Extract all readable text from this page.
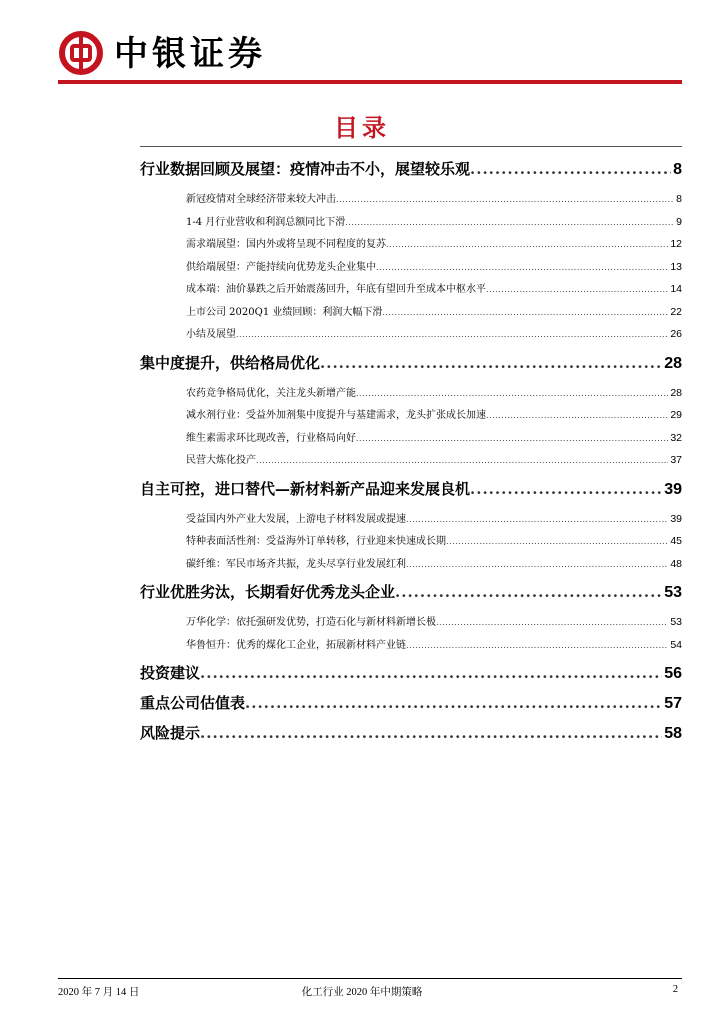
中银证券
目录
行业数据回顾及展望：疫情冲击不小，展望较乐观 .....	8
新冠疫情对全球经济带来较大冲击 .....	8
1-4 月行业营收和利润总额同比下滑 .....	9
需求端展望：国内外或将呈现不同程度的复苏 .....	12
供给端展望：产能持续向优势龙头企业集中 .....	13
成本端：油价暴跌之后开始震荡回升，年底有望回升至成本中枢水平 .....	14
上市公司 2020Q1 业绩回顾：利润大幅下滑 .....	22
小结及展望 .....	26
集中度提升，供给格局优化 .....	28
农药竞争格局优化，关注龙头新增产能 .....	28
减水剂行业：受益外加剂集中度提升与基建需求，龙头扩张成长加速 .....	29
维生素需求环比现改善，行业格局向好 .....	32
民营大炼化投产 .....	37
自主可控，进口替代—新材料新产品迎来发展良机 .....	39
受益国内外产业大发展，上游电子材料发展或提速 .....	39
特种表面活性剂：受益海外订单转移，行业迎来快速成长期 .....	45
碳纤维：军民市场齐共振，龙头尽享行业发展红利 .....	48
行业优胜劣汰，长期看好优秀龙头企业 .....	53
万华化学：依托强研发优势，打造石化与新材料新增长极 .....	53
华鲁恒升：优秀的煤化工企业，拓展新材料产业链 .....	54
投资建议 .....	56
重点公司估值表 .....	57
风险提示 .....	58
2020 年 7 月 14 日	化工行业 2020 年中期策略	2
